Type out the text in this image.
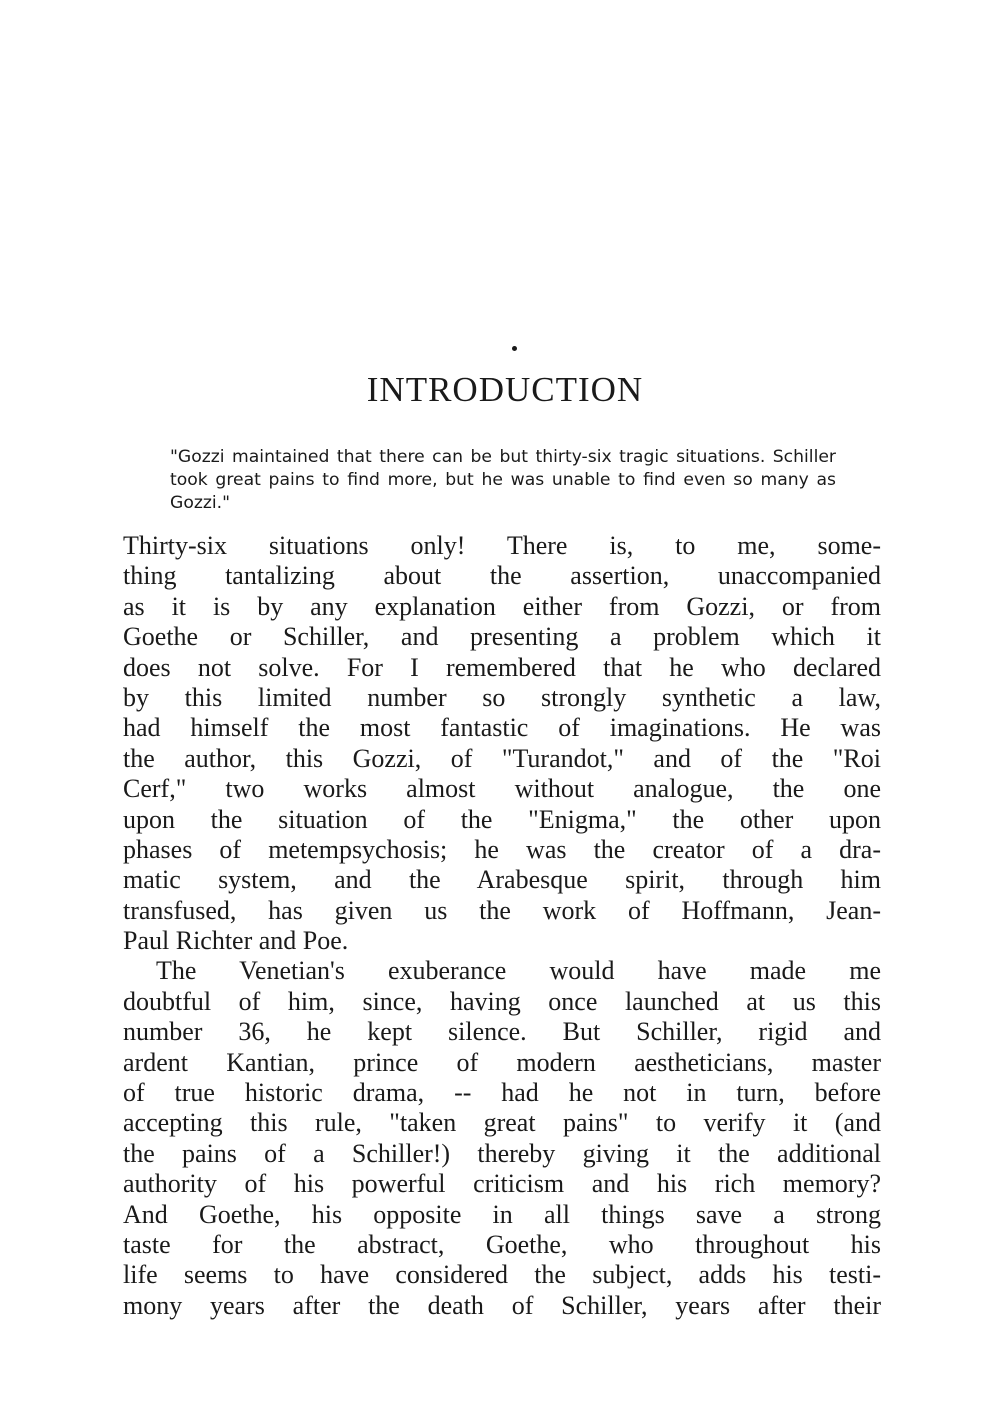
INTRODUCTION

"Gozzi maintained that there can be but thirty-six tragic situations. Schiller took great pains to find more, but he was unable to find even so many as Gozzi."

Thirty-six situations only! There is, to me, some-
thing tantalizing about the assertion, unaccompanied
as it is by any explanation either from Gozzi, or from
Goethe or Schiller, and presenting a problem which it
does not solve. For I remembered that he who declared
by this limited number so strongly synthetic a law,
had himself the most fantastic of imaginations. He was
the author, this Gozzi, of "Turandot," and of the "Roi
Cerf," two works almost without analogue, the one
upon the situation of the "Enigma," the other upon
phases of metempsychosis; he was the creator of a dra-
matic system, and the Arabesque spirit, through him
transfused, has given us the work of Hoffmann, Jean-
Paul Richter and Poe.
The Venetian's exuberance would have made me
doubtful of him, since, having once launched at us this
number 36, he kept silence. But Schiller, rigid and
ardent Kantian, prince of modern aestheticians, master
of true historic drama, -- had he not in turn, before
accepting this rule, "taken great pains" to verify it (and
the pains of a Schiller!) thereby giving it the additional
authority of his powerful criticism and his rich memory?
And Goethe, his opposite in all things save a strong
taste for the abstract, Goethe, who throughout his
life seems to have considered the subject, adds his testi-
mony years after the death of Schiller, years after their
